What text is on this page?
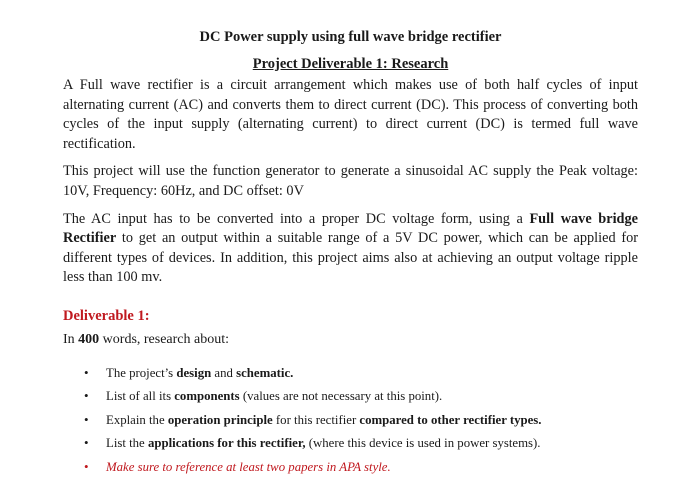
DC Power supply using full wave bridge rectifier
Project Deliverable 1: Research

A Full wave rectifier is a circuit arrangement which makes use of both half cycles of input alternating current (AC) and converts them to direct current (DC). This process of converting both cycles of the input supply (alternating current) to direct current (DC) is termed full wave rectification.

This project will use the function generator to generate a sinusoidal AC supply the Peak voltage: 10V, Frequency: 60Hz, and DC offset: 0V

The AC input has to be converted into a proper DC voltage form, using a Full wave bridge Rectifier to get an output within a suitable range of a 5V DC power, which can be applied for different types of devices. In addition, this project aims also at achieving an output voltage ripple less than 100 mv.

Deliverable 1:
In 400 words, research about:
• The project’s design and schematic.
• List of all its components (values are not necessary at this point).
• Explain the operation principle for this rectifier compared to other rectifier types.
• List the applications for this rectifier, (where this device is used in power systems).
• Make sure to reference at least two papers in APA style.
